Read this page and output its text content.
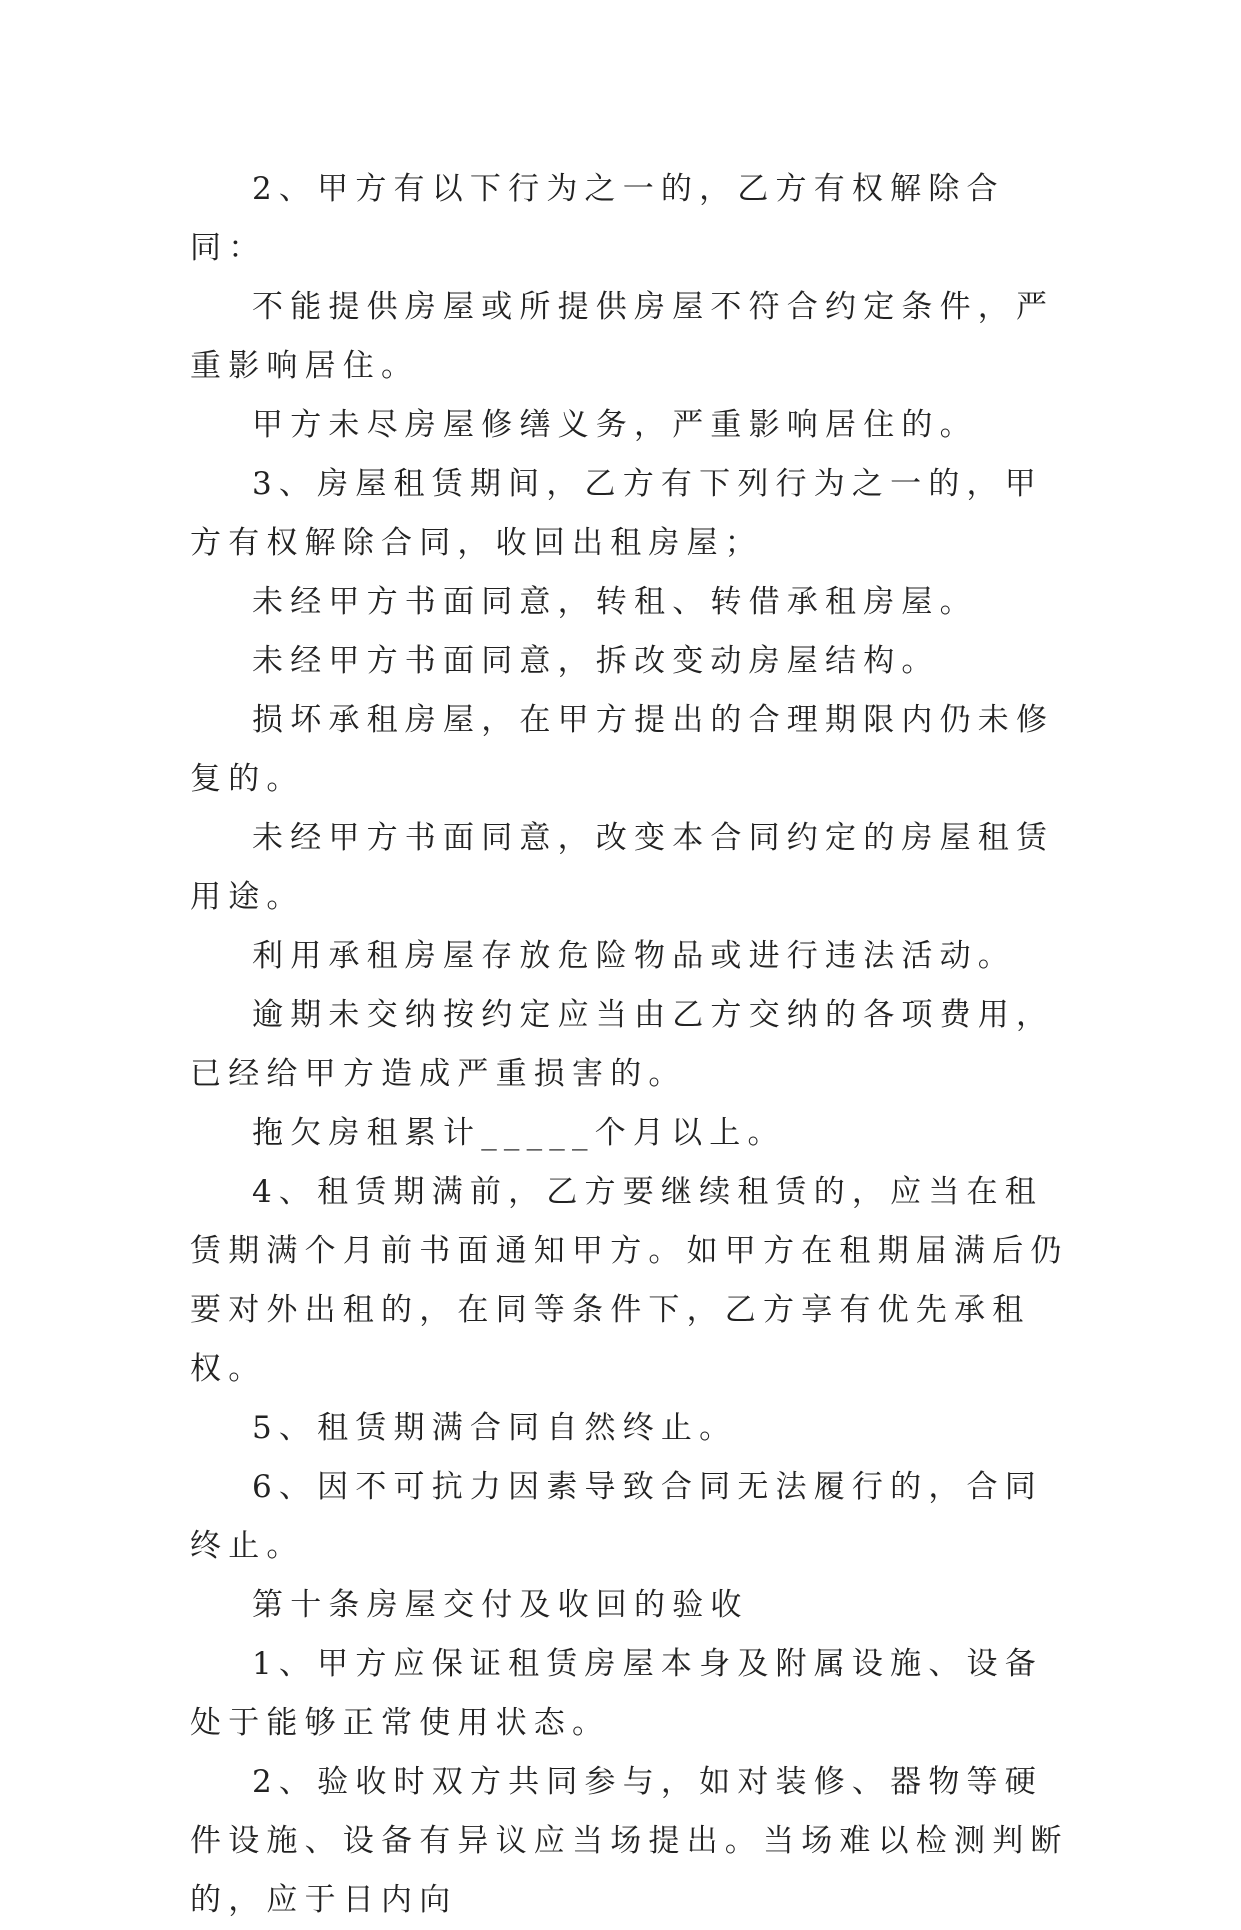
2、甲方有以下行为之一的，乙方有权解除合同：

不能提供房屋或所提供房屋不符合约定条件，严重影响居住。

甲方未尽房屋修缮义务，严重影响居住的。

3、房屋租赁期间，乙方有下列行为之一的，甲方有权解除合同，收回出租房屋；

未经甲方书面同意，转租、转借承租房屋。

未经甲方书面同意，拆改变动房屋结构。

损坏承租房屋，在甲方提出的合理期限内仍未修复的。

未经甲方书面同意，改变本合同约定的房屋租赁用途。

利用承租房屋存放危险物品或进行违法活动。

逾期未交纳按约定应当由乙方交纳的各项费用，已经给甲方造成严重损害的。

拖欠房租累计_____个月以上。

4、租赁期满前，乙方要继续租赁的，应当在租赁期满个月前书面通知甲方。如甲方在租期届满后仍要对外出租的，在同等条件下，乙方享有优先承租权。

5、租赁期满合同自然终止。

6、因不可抗力因素导致合同无法履行的，合同终止。

第十条房屋交付及收回的验收

1、甲方应保证租赁房屋本身及附属设施、设备处于能够正常使用状态。

2、验收时双方共同参与，如对装修、器物等硬件设施、设备有异议应当场提出。当场难以检测判断的，应于日内向
